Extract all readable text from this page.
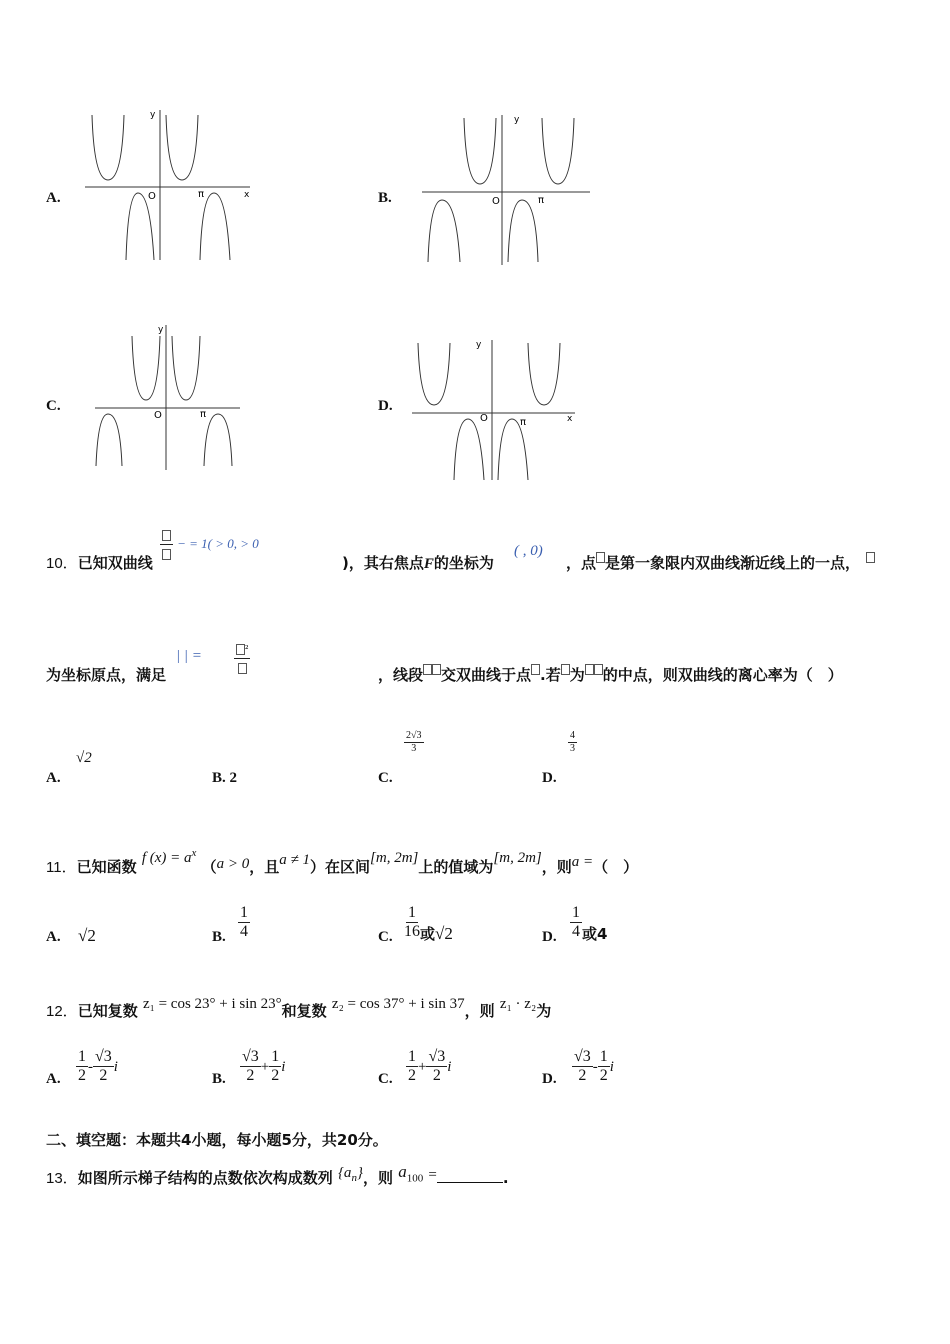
A.	O	π	x
y
B.	O	π
y
C.
O	π
y
D.
O	π	x
y
10．已知双曲线
− = 1( > 0, > 0
)，其右焦点F的坐标为
( , 0)
，点 是第一象限内双曲线渐近线上的一点，
| | =	²
为坐标原点，满足	，线段 交双曲线于点 .若 为 的中点，则双曲线的离心率为（　）
A.
√2
B. 2	C.
$\frac{2√3}{3}$
D.
$\frac{4}{3}$
11．已知函数 f $(x) = a^x$ （a > 0，且a ≠ 1）在区间[m, 2m]上的值域为[m, 2m]，则a =（　）
A. √2	B. $\frac{1}{4}$	C. $\frac{1}{16}$ 或√2	D. $\frac{1}{4}$ 或4
12．已知复数 z₁ = cos 23° + i sin 23°和复数 z₂ = cos 37° + i sin 37，则 z₁ · z₂为
A. $\frac{1}{2} - \frac{√3}{2}$ i
B. $\frac{√3}{2} + \frac{1}{2}$ i
C. $\frac{1}{2} + \frac{√3}{2}$ i
D. $\frac{√3}{2} - \frac{1}{2}$ i
二、填空题：本题共4小题，每小题5分，共20分。
13．如图所示梯子结构的点数依次构成数列 $\{a_n\}$，则 $a_{100}$ =	.
